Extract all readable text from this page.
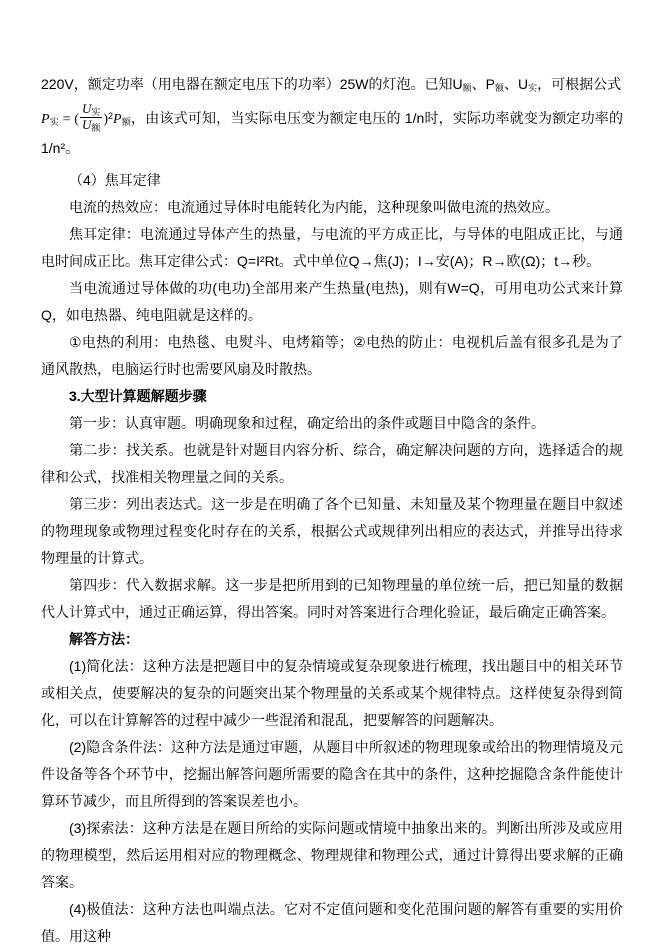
220V，额定功率（用电器在额定电压下的功率）25W的灯泡。已知$U_额$、$P_额$、$U_实$，可根据公式

$P_实$ = ( $\frac{U_实}{U_额} )^2P_额$，由该式可知，当实际电压变为额定电压的 1/n时，实际功率就变为额定功率的 1/n²。

（4）焦耳定律

电流的热效应：电流通过导体时电能转化为内能，这种现象叫做电流的热效应。

焦耳定律：电流通过导体产生的热量，与电流的平方成正比，与导体的电阻成正比，与通电时间成正比。焦耳定律公式：Q=I²Rt。式中单位Q→焦(J)；I→安(A)；R→欧(Ω)；t→秒。

当电流通过导体做的功(电功)全部用来产生热量(电热)，则有W=Q，可用电功公式来计算Q，如电热器、纯电阻就是这样的。

①电热的利用：电热毯、电熨斗、电烤箱等；②电热的防止：电视机后盖有很多孔是为了通风散热，电脑运行时也需要风扇及时散热。

3.大型计算题解题步骤

第一步：认真审题。明确现象和过程，确定给出的条件或题目中隐含的条件。

第二步：找关系。也就是针对题目内容分析、综合，确定解决问题的方向，选择适合的规律和公式，找准相关物理量之间的关系。

第三步：列出表达式。这一步是在明确了各个已知量、未知量及某个物理量在题目中叙述的物理现象或物理过程变化时存在的关系，根据公式或规律列出相应的表达式，并推导出待求物理量的计算式。

第四步：代入数据求解。这一步是把所用到的已知物理量的单位统一后，把已知量的数据代人计算式中，通过正确运算，得出答案。同时对答案进行合理化验证，最后确定正确答案。

解答方法：

(1)简化法：这种方法是把题目中的复杂情境或复杂现象进行梳理，找出题目中的相关环节或相关点，使要解决的复杂的问题突出某个物理量的关系或某个规律特点。这样使复杂得到简化，可以在计算解答的过程中减少一些混淆和混乱，把要解答的问题解决。

(2)隐含条件法：这种方法是通过审题，从题目中所叙述的物理现象或给出的物理情境及元件设备等各个环节中，挖掘出解答问题所需要的隐含在其中的条件，这种挖掘隐含条件能使计算环节减少，而且所得到的答案误差也小。

(3)探索法：这种方法是在题目所给的实际问题或情境中抽象出来的。判断出所涉及或应用的物理模型，然后运用相对应的物理概念、物理规律和物理公式，通过计算得出要求解的正确答案。

(4)极值法：这种方法也叫端点法。它对不定值问题和变化范围问题的解答有重要的实用价值。用这种
